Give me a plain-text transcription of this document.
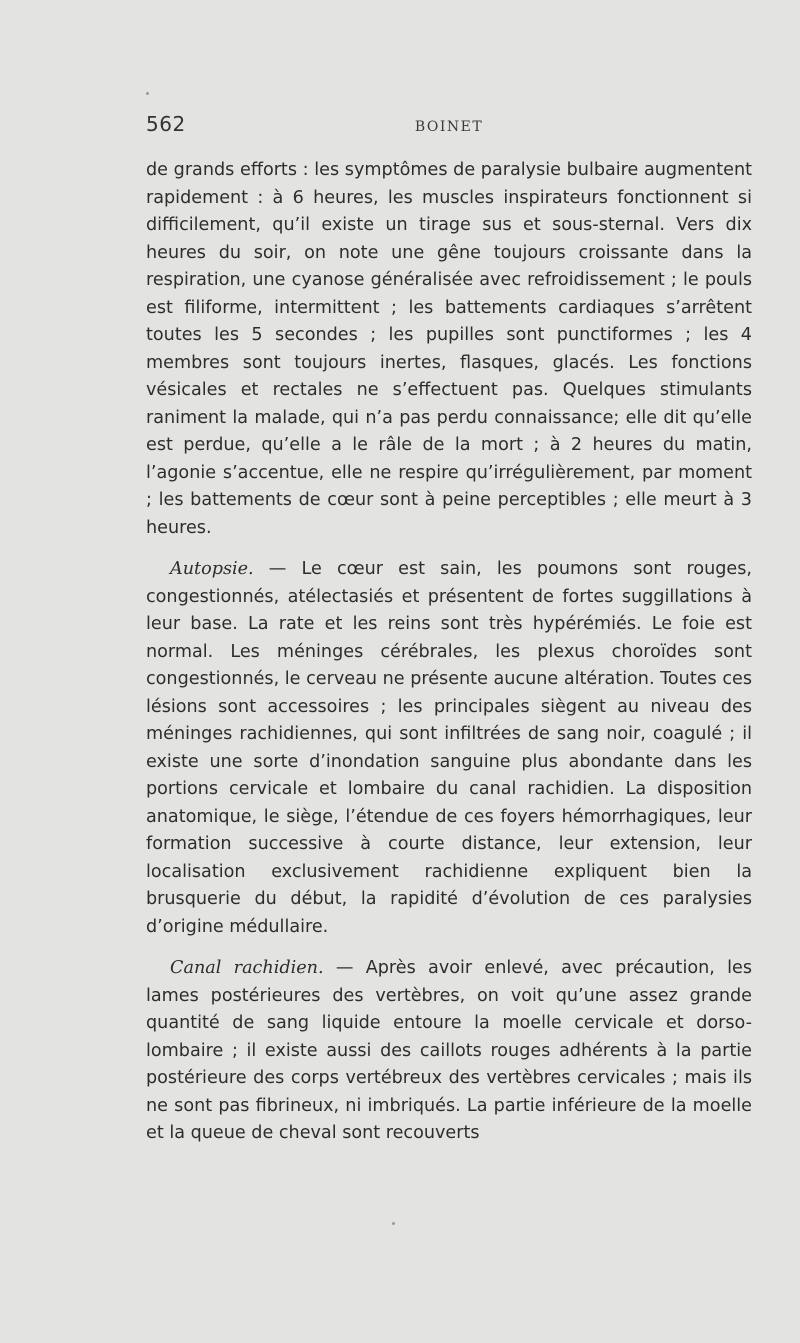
562	BOINET

de grands efforts : les symptômes de paralysie bulbaire augmentent rapidement : à 6 heures, les muscles inspirateurs fonctionnent si difficilement, qu’il existe un tirage sus et sous-sternal. Vers dix heures du soir, on note une gêne toujours croissante dans la respiration, une cyanose généralisée avec refroidissement ; le pouls est filiforme, intermittent ; les battements cardiaques s’arrêtent toutes les 5 secondes ; les pupilles sont punctiformes ; les 4 membres sont toujours inertes, flasques, glacés. Les fonctions vésicales et rectales ne s’effectuent pas. Quelques stimulants raniment la malade, qui n’a pas perdu connaissance; elle dit qu’elle est perdue, qu’elle a le râle de la mort ; à 2 heures du matin, l’agonie s’accentue, elle ne respire qu’irrégulièrement, par moment ; les battements de cœur sont à peine perceptibles ; elle meurt à 3 heures.

Autopsie. — Le cœur est sain, les poumons sont rouges, congestionnés, atélectasiés et présentent de fortes suggillations à leur base. La rate et les reins sont très hypérémiés. Le foie est normal. Les méninges cérébrales, les plexus choroïdes sont congestionnés, le cerveau ne présente aucune altération. Toutes ces lésions sont accessoires ; les principales siègent au niveau des méninges rachidiennes, qui sont infiltrées de sang noir, coagulé ; il existe une sorte d’inondation sanguine plus abondante dans les portions cervicale et lombaire du canal rachidien. La disposition anatomique, le siège, l’étendue de ces foyers hémorrhagiques, leur formation successive à courte distance, leur extension, leur localisation exclusivement rachidienne expliquent bien la brusquerie du début, la rapidité d’évolution de ces paralysies d’origine médullaire.

Canal rachidien. — Après avoir enlevé, avec précaution, les lames postérieures des vertèbres, on voit qu’une assez grande quantité de sang liquide entoure la moelle cervicale et dorso-lombaire ; il existe aussi des caillots rouges adhérents à la partie postérieure des corps vertébreux des vertèbres cervicales ; mais ils ne sont pas fibrineux, ni imbriqués. La partie inférieure de la moelle et la queue de cheval sont recouverts
